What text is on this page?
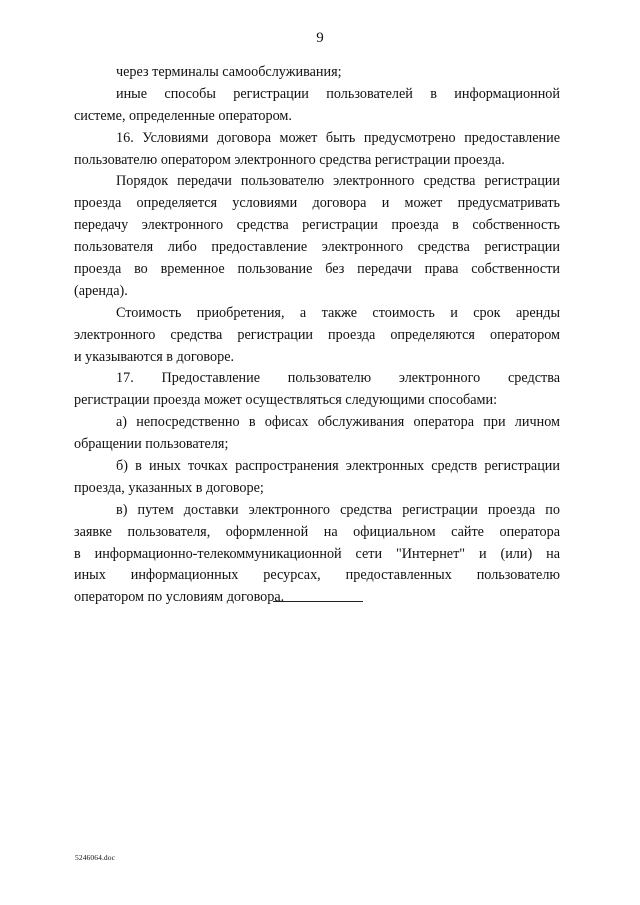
9
через терминалы самообслуживания;
иные способы регистрации пользователей в информационной
системе, определенные оператором.
16. Условиями договора может быть предусмотрено предоставление
пользователю оператором электронного средства регистрации проезда.
Порядок передачи пользователю электронного средства регистрации
проезда определяется условиями договора и может предусматривать
передачу электронного средства регистрации проезда в собственность
пользователя либо предоставление электронного средства регистрации
проезда во временное пользование без передачи права собственности
(аренда).
Стоимость приобретения, а также стоимость и срок аренды
электронного средства регистрации проезда определяются оператором
и указываются в договоре.
17. Предоставление пользователю электронного средства
регистрации проезда может осуществляться следующими способами:
а) непосредственно в офисах обслуживания оператора при личном
обращении пользователя;
б) в иных точках распространения электронных средств регистрации
проезда, указанных в договоре;
в) путем доставки электронного средства регистрации проезда по
заявке пользователя, оформленной на официальном сайте оператора
в информационно-телекоммуникационной сети "Интернет" и (или) на
иных информационных ресурсах, предоставленных пользователю
оператором по условиям договора.
5246064.doc
